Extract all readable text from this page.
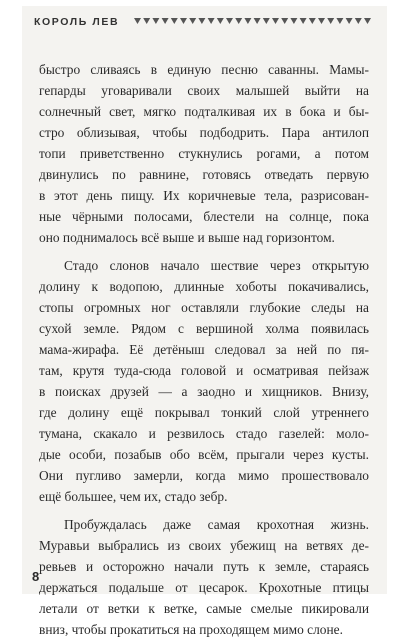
КОРОЛЬ ЛЕВ

быстро сливаясь в единую песню саванны. Мамы-
гепарды уговаривали своих малышей выйти на
солнечный свет, мягко подталкивая их в бока и бы-
стро облизывая, чтобы подбодрить. Пара антилоп
топи приветственно стукнулись рогами, а потом
двинулись по равнине, готовясь отведать первую
в этот день пищу. Их коричневые тела, разрисован-
ные чёрными полосами, блестели на солнце, пока
оно поднималось всё выше и выше над горизонтом.

Стадо слонов начало шествие через открытую
долину к водопою, длинные хоботы покачивались,
стопы огромных ног оставляли глубокие следы на
сухой земле. Рядом с вершиной холма появилась
мама-жирафа. Её детёныш следовал за ней по пя-
там, крутя туда-сюда головой и осматривая пейзаж
в поисках друзей — а заодно и хищников. Внизу,
где долину ещё покрывал тонкий слой утреннего
тумана, скакало и резвилось стадо газелей: моло-
дые особи, позабыв обо всём, прыгали через кусты.
Они пугливо замерли, когда мимо прошествовало
ещё большее, чем их, стадо зебр.

Пробуждалась даже самая крохотная жизнь.
Муравьи выбрались из своих убежищ на ветвях де-
ревьев и осторожно начали путь к земле, стараясь
держаться подальше от цесарок. Крохотные птицы
летали от ветки к ветке, самые смелые пикировали
вниз, чтобы прокатиться на проходящем мимо слоне.

8
